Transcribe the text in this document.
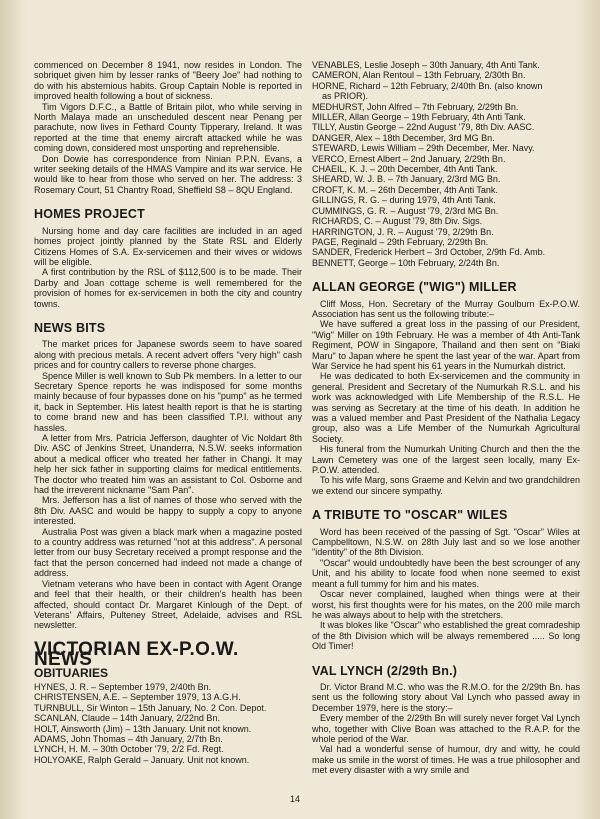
commenced on December 8 1941, now resides in London. The sobriquet given him by lesser ranks of "Beery Joe" had nothing to do with his abstemious habits. Group Captain Noble is reported in improved health following a bout of sickness.

Tim Vigors D.F.C., a Battle of Britain pilot, who while serving in North Malaya made an unscheduled descent near Penang per parachute, now lives in Fethard County Tipperary, Ireland. It was reported at the time that enemy aircraft attacked while he was coming down, considered most unsporting and reprehensible.

Don Dowie has correspondence from Ninian P.P.N. Evans, a writer seeking details of the HMAS Vampire and its war service. He would like to hear from those who served on her. The address: 3 Rosemary Court, 51 Chantry Road, Sheffield S8 – 8QU England.

HOMES PROJECT

Nursing home and day care facilities are included in an aged homes project jointly planned by the State RSL and Elderly Citizens Homes of S.A. Ex-servicemen and their wives or widows will be eligible.

A first contribution by the RSL of $112,500 is to be made. Their Darby and Joan cottage scheme is well remembered for the provision of homes for ex-servicemen in both the city and country towns.

NEWS BITS

The market prices for Japanese swords seem to have soared along with precious metals. A recent advert offers "very high" cash prices and for country callers to reverse phone charges.

Spence Miller is well known to Sub Pk members. In a letter to our Secretary Spence reports he was indisposed for some months mainly because of four bypasses done on his "pump" as he termed it, back in September. His latest health report is that he is starting to come brand new and has been classified T.P.I. without any hassles.

A letter from Mrs. Patricia Jefferson, daughter of Vic Noldart 8th Div. ASC of Jenkins Street, Unanderra, N.S.W. seeks information about a medical officer who treated her father in Changi. It may help her sick father in supporting claims for medical entitlements. The doctor who treated him was an assistant to Col. Osborne and had the irreverent nickname "Sam Pan".

Mrs. Jefferson has a list of names of those who served with the 8th Div. AASC and would be happy to supply a copy to anyone interested.

Australia Post was given a black mark when a magazine posted to a country address was returned "not at this address". A personal letter from our busy Secretary received a prompt response and the fact that the person concerned had indeed not made a change of address.

Vietnam veterans who have been in contact with Agent Orange and feel that their health, or their children's health has been affected, should contact Dr. Margaret Kinlough of the Dept. of Veterans' Affairs, Pulteney Street, Adelaide, advises and RSL newsletter.

VICTORIAN EX-P.O.W. NEWS
OBITUARIES
HYNES, J. R. – September 1979, 2/40th Bn.
CHRISTENSEN, A.E. – September 1979, 13 A.G.H.
TURNBULL, Sir Winton – 15th January, No. 2 Con. Depot.
SCANLAN, Claude – 14th January, 2/22nd Bn.
HOLT, Ainsworth (Jim) – 13th January. Unit not known.
ADAMS, John Thomas – 4th January, 2/7th Bn.
LYNCH, H. M. – 30th October '79, 2/2 Fd. Regt.
HOLYOAKE, Ralph Gerald – January. Unit not known.
VENABLES, Leslie Joseph – 30th January, 4th Anti Tank.
CAMERON, Alan Rentoul – 13th February, 2/30th Bn.
HORNE, Richard – 12th February, 2/40th Bn. (also known
as PRIOR).
MEDHURST, John Alfred – 7th February, 2/29th Bn.
MILLER, Allan George – 19th February, 4th Anti Tank.
TILLY, Austin George – 22nd August '79, 8th Div. AASC.
DANGER, Alex – 18th December, 3rd MG Bn.
STEWARD, Lewis William – 29th December, Mer. Navy.
VERCO, Ernest Albert – 2nd January, 2/29th Bn.
CHAEIL, K. J. – 20th December, 4th Anti Tank.
SHEARD, W. J. B. – 7th January, 2/3rd MG Bn.
CROFT, K. M. – 26th December, 4th Anti Tank.
GILLINGS, R. G. – during 1979, 4th Anti Tank.
CUMMINGS, G. R. – August '79, 2/3rd MG Bn.
RICHARDS, C. – August '79, 8th Div. Sigs.
HARRINGTON, J. R. – August '79, 2/29th Bn.
PAGE, Reginald – 29th February, 2/29th Bn.
SANDER, Frederick Herbert – 3rd October, 2/9th Fd. Amb.
BENNETT, George – 10th February, 2/24th Bn.
ALLAN GEORGE ("WIG") MILLER

Cliff Moss, Hon. Secretary of the Murray Goulburn Ex-P.O.W. Association has sent us the following tribute:–

We have suffered a great loss in the passing of our President, "Wig" Miller on 19th February. He was a member of 4th Anti-Tank Regiment, POW in Singapore, Thailand and then sent on "Biaki Maru" to Japan where he spent the last year of the war. Apart from War Service he had spent his 61 years in the Numurkah district.

He was dedicated to both Ex-servicemen and the community in general. President and Secretary of the Numurkah R.S.L. and his work was acknowledged with Life Membership of the R.S.L. He was serving as Secretary at the time of his death. In addition he was a valued member and Past President of the Nathalia Legacy group, also was a Life Member of the Numurkah Agricultural Society.

His funeral from the Numurkah Uniting Church and then the the Lawn Cemetery was one of the largest seen locally, many Ex-P.O.W. attended.

To his wife Marg, sons Graeme and Kelvin and two grandchildren we extend our sincere sympathy.

A TRIBUTE TO "OSCAR" WILES

Word has been received of the passing of Sgt. "Oscar" Wiles at Campbelltown, N.S.W. on 28th July last and so we lose another "identity" of the 8th Division.

"Oscar" would undoubtedly have been the best scrounger of any Unit, and his ability to locate food when none seemed to exist meant a full tummy for him and his mates.

Oscar never complained, laughed when things were at their worst, his first thoughts were for his mates, on the 200 mile march he was always about to help with the stretchers.

It was blokes like "Oscar" who established the great comradeship of the 8th Division which will be always remembered ..... So long Old Timer!

VAL LYNCH (2/29th Bn.)

Dr. Victor Brand M.C. who was the R.M.O. for the 2/29th Bn. has sent us the following story about Val Lynch who passed away in December 1979, here is the story:–

Every member of the 2/29th Bn will surely never forget Val Lynch who, together with Clive Boan was attached to the R.A.P. for the whole period of the War.

Val had a wonderful sense of humour, dry and witty, he could make us smile in the worst of times. He was a true philosopher and met every disaster with a wry smile and

14
